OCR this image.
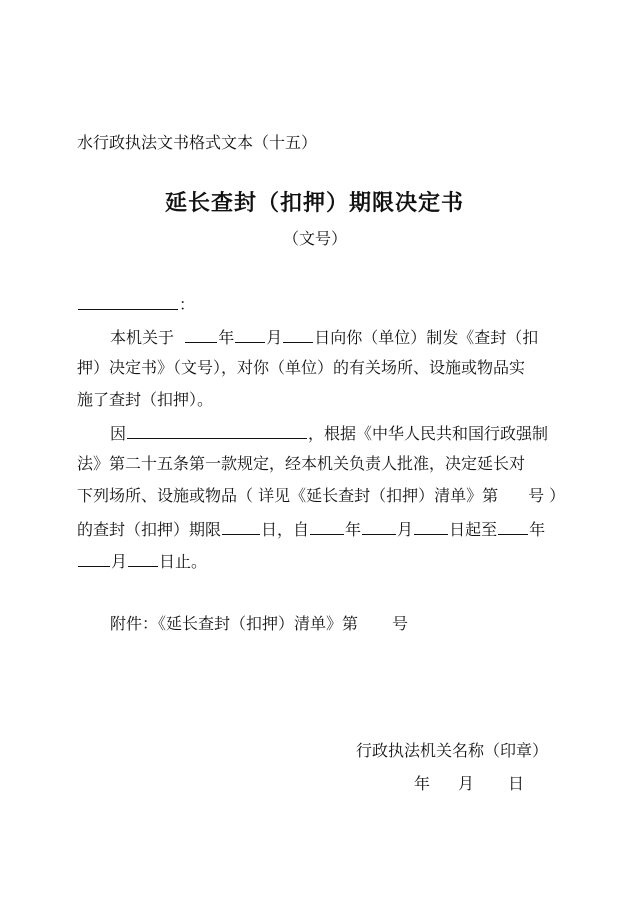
水行政执法文书格式文本（十五）
延长查封（扣押）期限决定书
（文号）
：
本机关于	年 月 日向你（单位）制发《查封（扣
押）决定书》（文号），对你（单位）的有关场所、设施或物品实
施了查封（扣押）。
因	，根据《中华人民共和国行政强制
法》第二十五条第一款规定，经本机关负责人批准，决定延长对
下列场所、设施或物品（ 详见《延长查封（扣押）清单》第 号 ）
的查封（扣押）期限	日，自 年 月 日起至 年
月 日止。
附件：《延长查封（扣押）清单》第 号
行政执法机关名称（印章）
年 月 日
